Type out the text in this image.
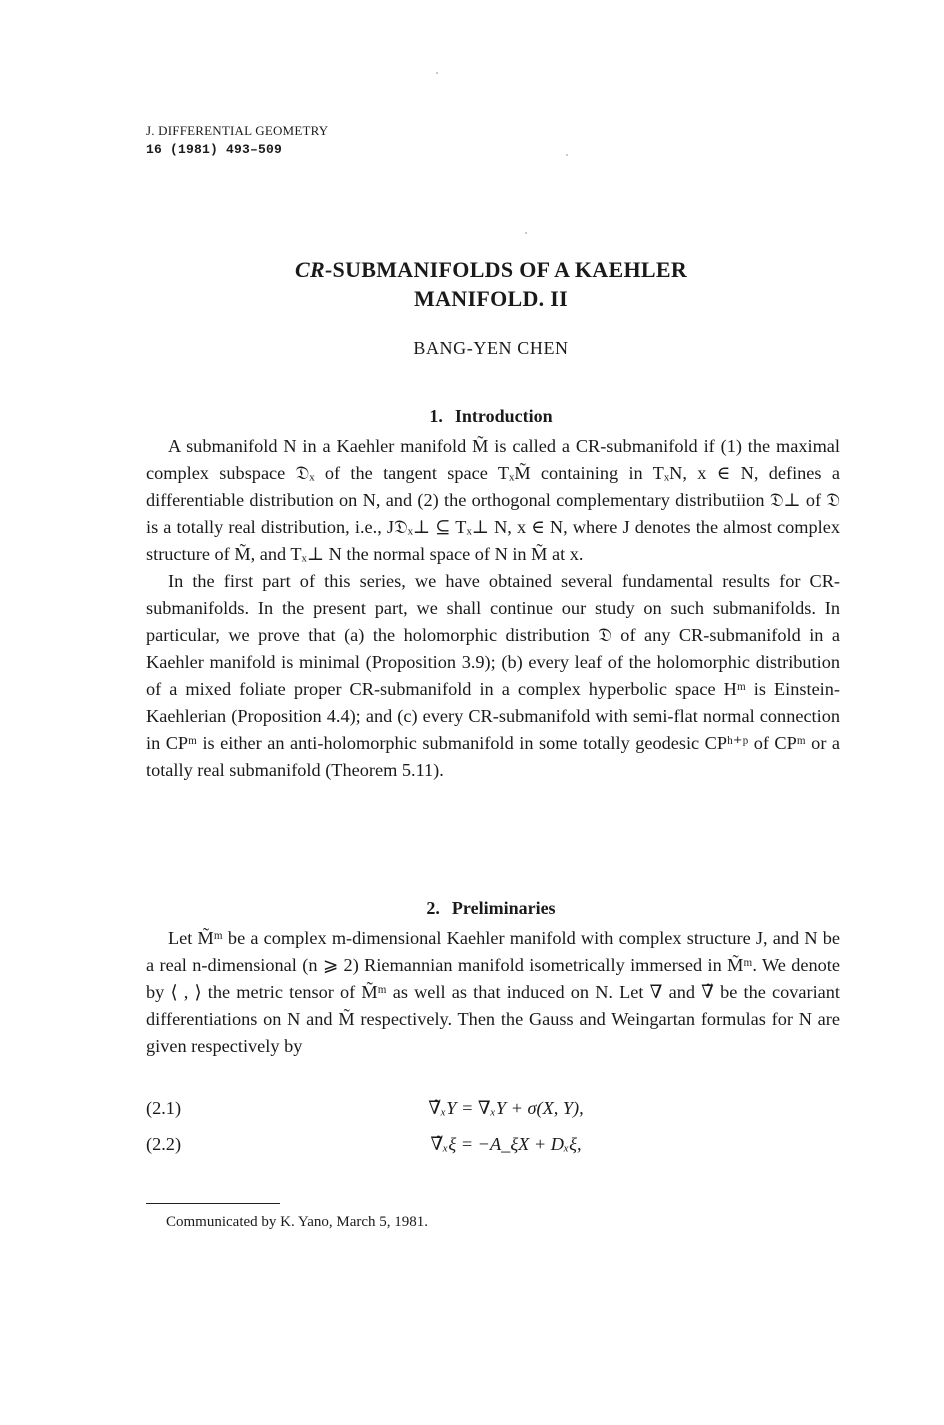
J. DIFFERENTIAL GEOMETRY
16 (1981) 493–509
CR-SUBMANIFOLDS OF A KAEHLER
MANIFOLD. II
BANG-YEN CHEN
1. Introduction

A submanifold N in a Kaehler manifold M̃ is called a CR-submanifold if (1) the maximal complex subspace 𝔇ₓ of the tangent space TₓM̃ containing in TₓN, x ∈ N, defines a differentiable distribution on N, and (2) the orthogonal complementary distributiion 𝔇⊥ of 𝔇 is a totally real distribution, i.e., J𝔇ₓ⊥ ⊆ Tₓ⊥ N, x ∈ N, where J denotes the almost complex structure of M̃, and Tₓ⊥ N the normal space of N in M̃ at x.

In the first part of this series, we have obtained several fundamental results for CR-submanifolds. In the present part, we shall continue our study on such submanifolds. In particular, we prove that (a) the holomorphic distribution 𝔇 of any CR-submanifold in a Kaehler manifold is minimal (Proposition 3.9); (b) every leaf of the holomorphic distribution of a mixed foliate proper CR-submanifold in a complex hyperbolic space Hᵐ is Einstein-Kaehlerian (Proposition 4.4); and (c) every CR-submanifold with semi-flat normal connection in CPᵐ is either an anti-holomorphic submanifold in some totally geodesic CPʰ⁺ᵖ of CPᵐ or a totally real submanifold (Theorem 5.11).

2. Preliminaries

Let M̃ᵐ be a complex m-dimensional Kaehler manifold with complex structure J, and N be a real n-dimensional (n ⩾ 2) Riemannian manifold isometrically immersed in M̃ᵐ. We denote by ⟨ , ⟩ the metric tensor of M̃ᵐ as well as that induced on N. Let ∇ and ∇̃ be the covariant differentiations on N and M̃ respectively. Then the Gauss and Weingartan formulas for N are given respectively by

(2.1)	∇̃ₓY = ∇ₓY + σ(X, Y),
(2.2)	∇̃ₓξ = −A_ξX + Dₓξ,
Communicated by K. Yano, March 5, 1981.
